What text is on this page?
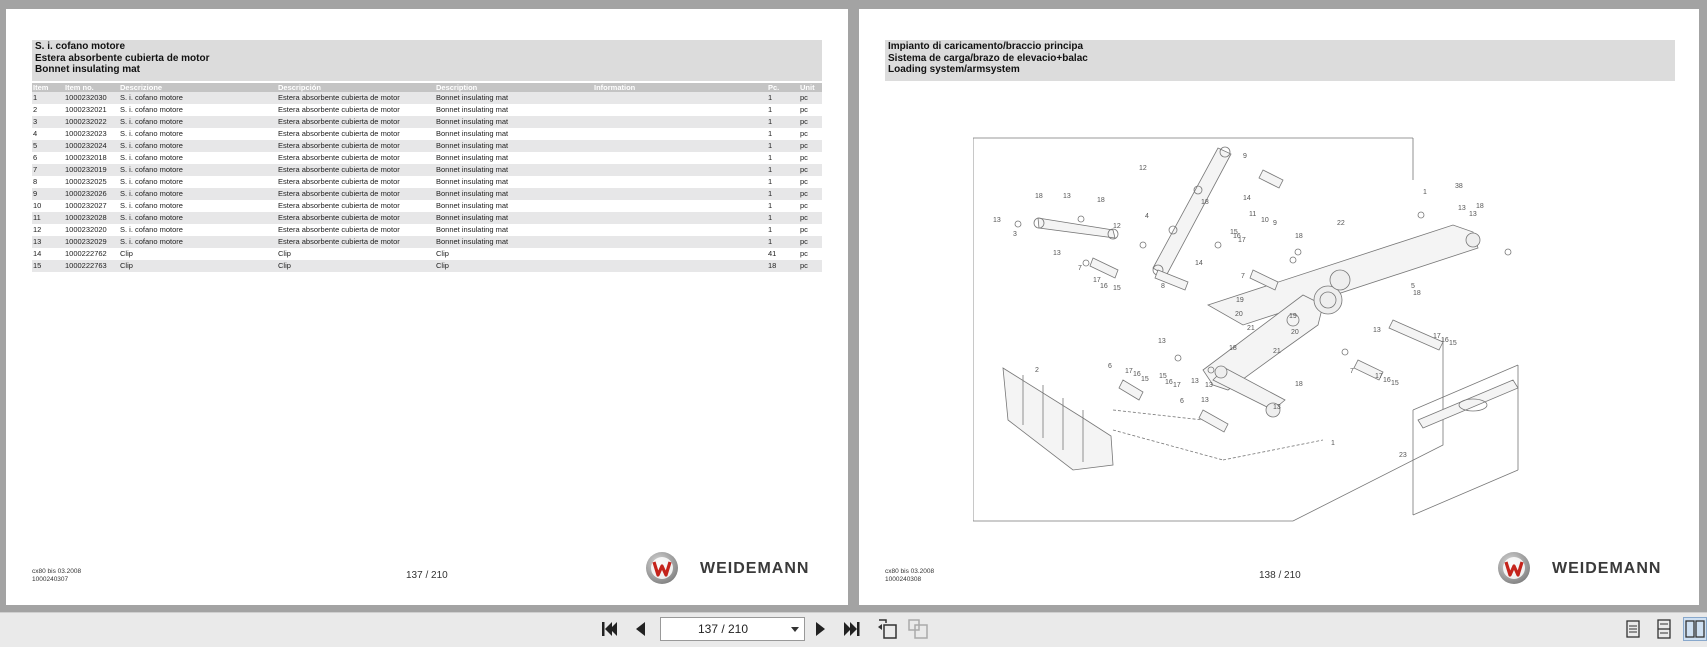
S. i. cofano motore
Estera absorbente cubierta de motor
Bonnet insulating mat
Item	Item no.	Descrizione	Descripción	Description	Information	Pc.	Unit
1	1000232030	S. i. cofano motore	Estera absorbente cubierta de motor	Bonnet insulating mat		1	pc
2	1000232021	S. i. cofano motore	Estera absorbente cubierta de motor	Bonnet insulating mat		1	pc
3	1000232022	S. i. cofano motore	Estera absorbente cubierta de motor	Bonnet insulating mat		1	pc
4	1000232023	S. i. cofano motore	Estera absorbente cubierta de motor	Bonnet insulating mat		1	pc
5	1000232024	S. i. cofano motore	Estera absorbente cubierta de motor	Bonnet insulating mat		1	pc
6	1000232018	S. i. cofano motore	Estera absorbente cubierta de motor	Bonnet insulating mat		1	pc
7	1000232019	S. i. cofano motore	Estera absorbente cubierta de motor	Bonnet insulating mat		1	pc
8	1000232025	S. i. cofano motore	Estera absorbente cubierta de motor	Bonnet insulating mat		1	pc
9	1000232026	S. i. cofano motore	Estera absorbente cubierta de motor	Bonnet insulating mat		1	pc
10	1000232027	S. i. cofano motore	Estera absorbente cubierta de motor	Bonnet insulating mat		1	pc
11	1000232028	S. i. cofano motore	Estera absorbente cubierta de motor	Bonnet insulating mat		1	pc
12	1000232020	S. i. cofano motore	Estera absorbente cubierta de motor	Bonnet insulating mat		1	pc
13	1000232029	S. i. cofano motore	Estera absorbente cubierta de motor	Bonnet insulating mat		1	pc
14	1000222762	Clip	Clip	Clip		41	pc
15	1000222763	Clip	Clip	Clip		18	pc
cx80 bis 03.2008
1000240307	137 / 210	WEIDEMANN
Impianto di caricamento/braccio principa
Sistema de carga/brazo de elevacio+balac
Loading system/armsystem
18	13
18
13
3
12
13
7
17
16 15
12
4
18
8
14
9
14
15
16
17
11
10 9
18
7
22
1
38
13
13
18
13
19
20
21
19
20
21
18
13
6
17 16
15 15
16 17
13
6
13
13
18
13
7
17
16 15
5
17
16 15
18
2
1
23
cx80 bis 03.2008
1000240308	138 / 210	WEIDEMANN
137 / 210
